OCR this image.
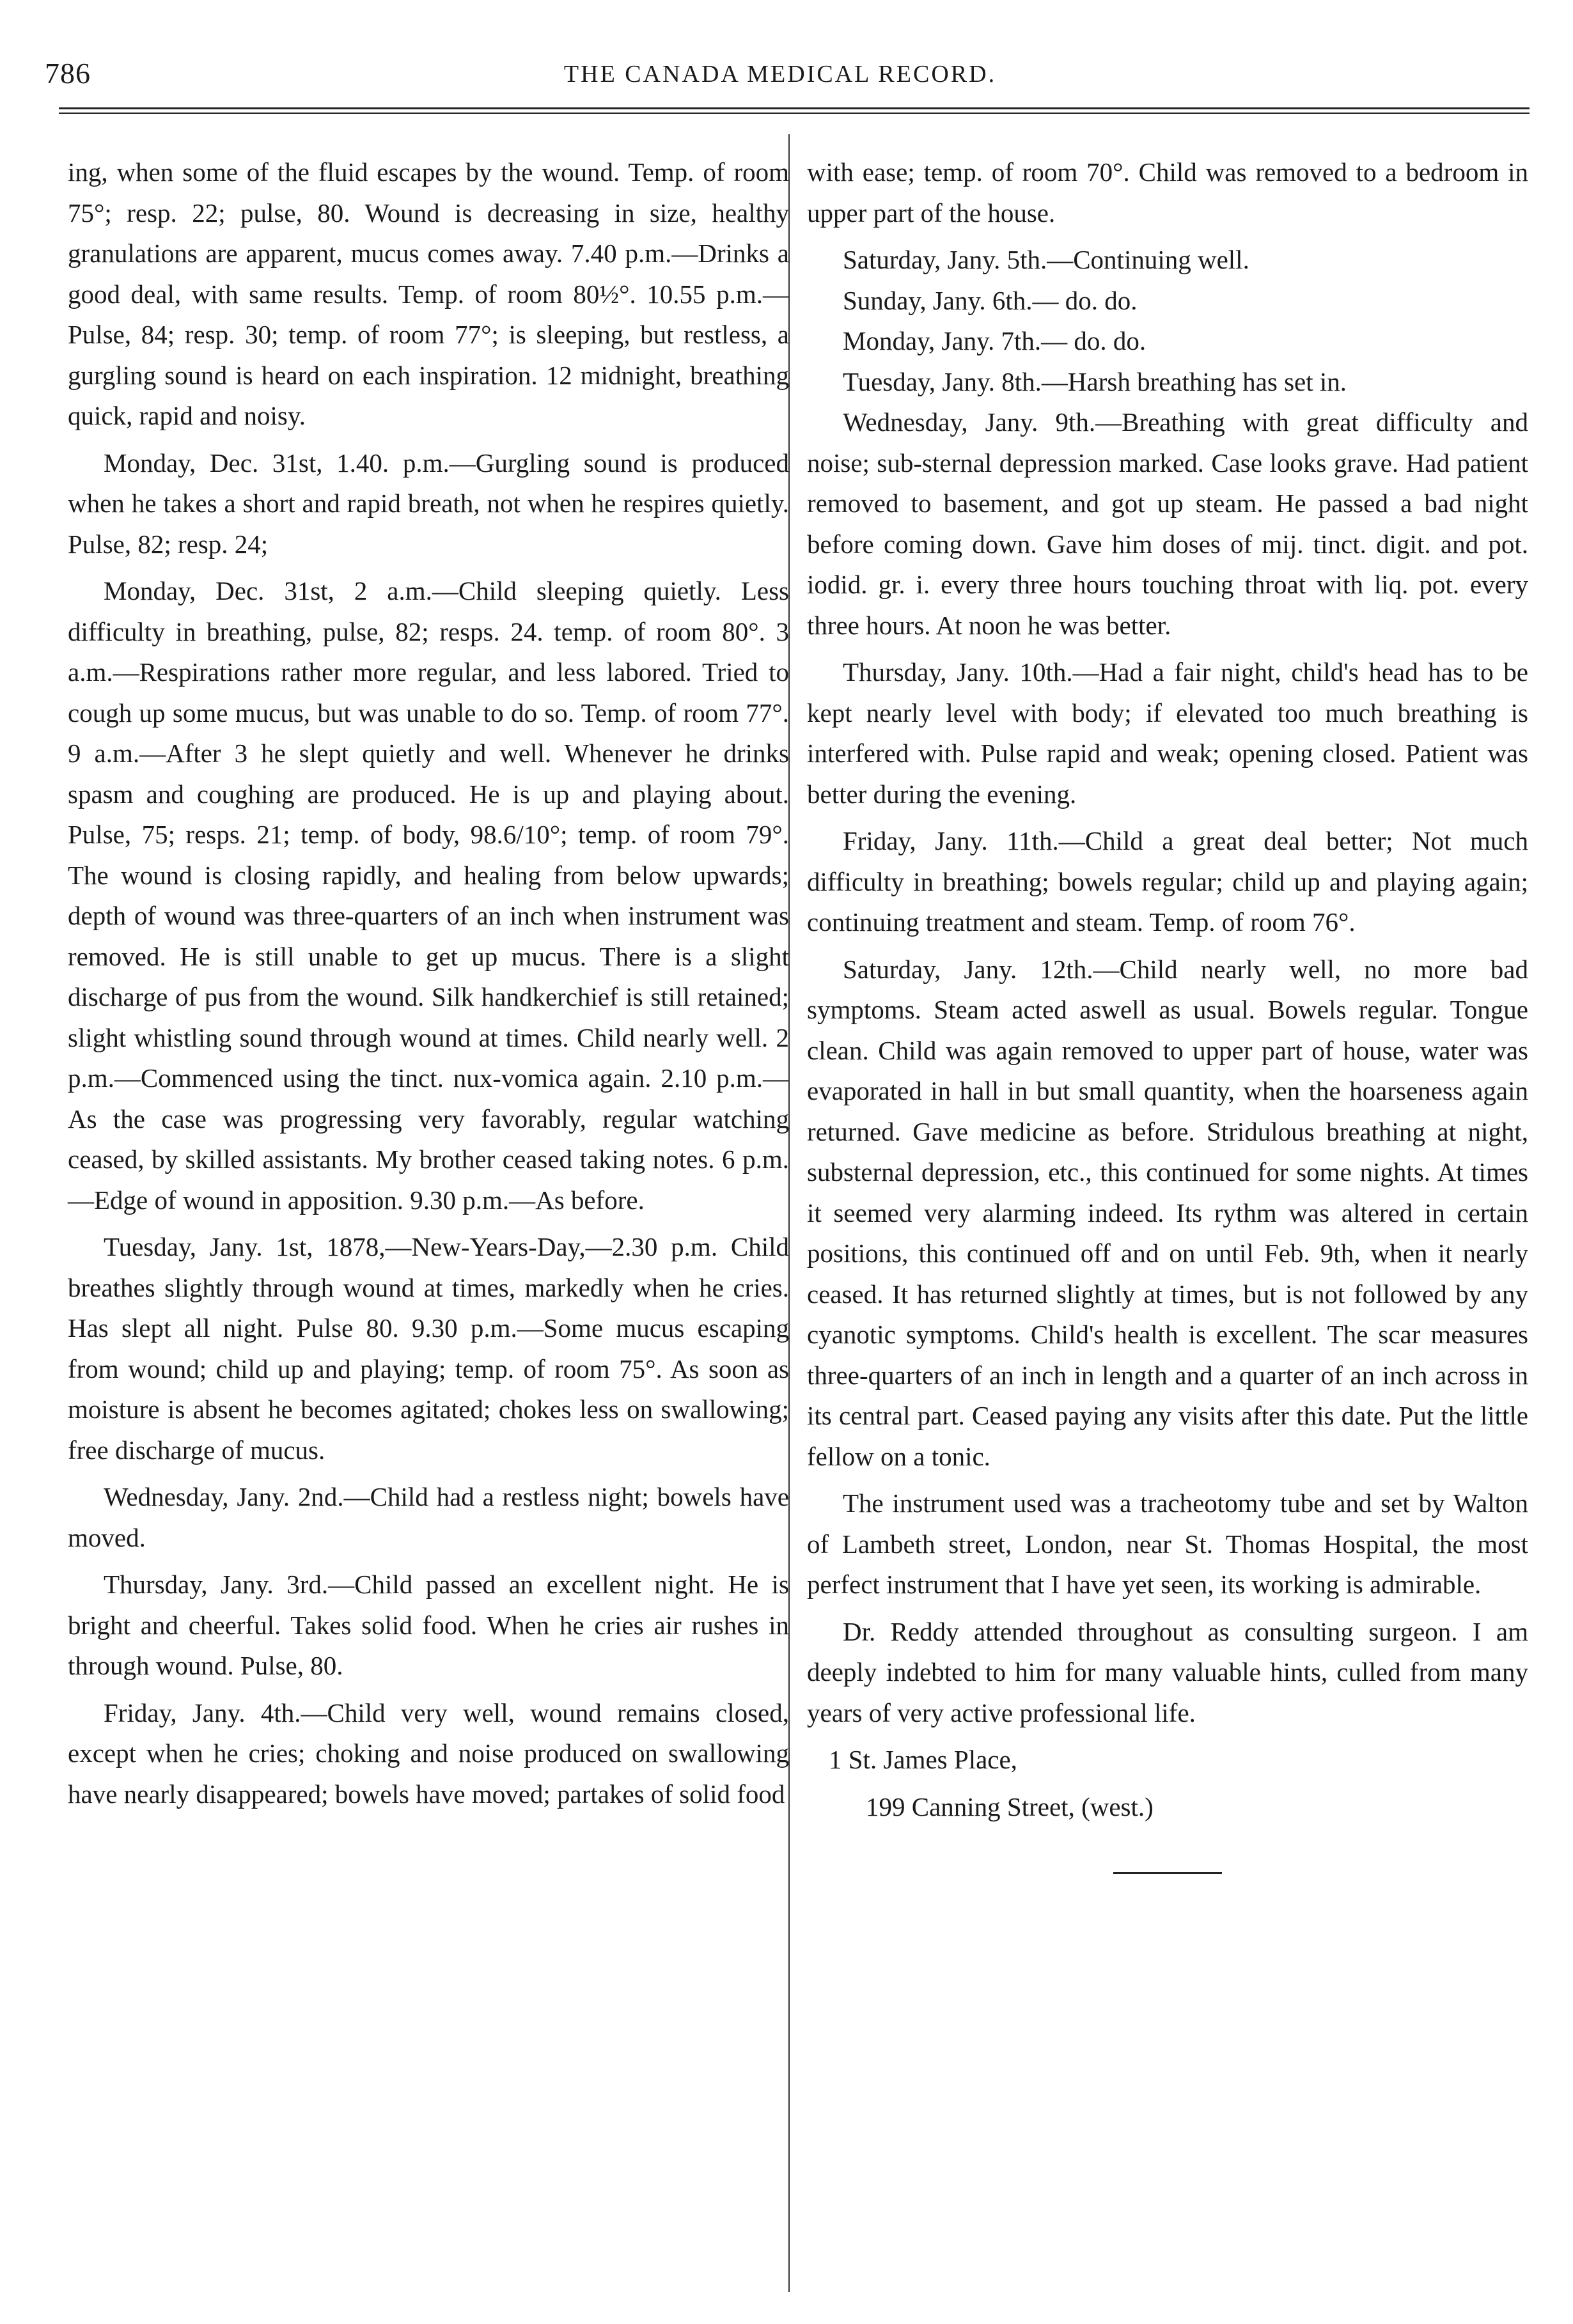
786	THE CANADA MEDICAL RECORD.

ing, when some of the fluid escapes by the wound. Temp. of room 75°; resp. 22; pulse, 80. Wound is decreasing in size, healthy granulations are apparent, mucus comes away. 7.40 p.m.—Drinks a good deal, with same results. Temp. of room 80½°. 10.55 p.m.—Pulse, 84; resp. 30; temp. of room 77°; is sleeping, but restless, a gurgling sound is heard on each inspiration. 12 midnight, breathing quick, rapid and noisy.

Monday, Dec. 31st, 1.40. p.m.—Gurgling sound is produced when he takes a short and rapid breath, not when he respires quietly. Pulse, 82; resp. 24;

Monday, Dec. 31st, 2 a.m.—Child sleeping quietly. Less difficulty in breathing, pulse, 82; resps. 24. temp. of room 80°. 3 a.m.—Respirations rather more regular, and less labored. Tried to cough up some mucus, but was unable to do so. Temp. of room 77°. 9 a.m.—After 3 he slept quietly and well. Whenever he drinks spasm and coughing are produced. He is up and playing about. Pulse, 75; resps. 21; temp. of body, 98.6/10°; temp. of room 79°. The wound is closing rapidly, and healing from below upwards; depth of wound was three-quarters of an inch when instrument was removed. He is still unable to get up mucus. There is a slight discharge of pus from the wound. Silk handkerchief is still retained; slight whistling sound through wound at times. Child nearly well. 2 p.m.—Commenced using the tinct. nux-vomica again. 2.10 p.m.—As the case was progressing very favorably, regular watching ceased, by skilled assistants. My brother ceased taking notes. 6 p.m.—Edge of wound in apposition. 9.30 p.m.—As before.

Tuesday, Jany. 1st, 1878,—New-Years-Day,—2.30 p.m. Child breathes slightly through wound at times, markedly when he cries. Has slept all night. Pulse 80. 9.30 p.m.—Some mucus escaping from wound; child up and playing; temp. of room 75°. As soon as moisture is absent he becomes agitated; chokes less on swallowing; free discharge of mucus.

Wednesday, Jany. 2nd.—Child had a restless night; bowels have moved.

Thursday, Jany. 3rd.—Child passed an excellent night. He is bright and cheerful. Takes solid food. When he cries air rushes in through wound. Pulse, 80.

Friday, Jany. 4th.—Child very well, wound remains closed, except when he cries; choking and noise produced on swallowing have nearly disappeared; bowels have moved; partakes of solid food

with ease; temp. of room 70°. Child was removed to a bedroom in upper part of the house.

Saturday, Jany. 5th.—Continuing well.

Sunday, Jany. 6th.— do. do.

Monday, Jany. 7th.— do. do.

Tuesday, Jany. 8th.—Harsh breathing has set in.

Wednesday, Jany. 9th.—Breathing with great difficulty and noise; sub-sternal depression marked. Case looks grave. Had patient removed to basement, and got up steam. He passed a bad night before coming down. Gave him doses of mij. tinct. digit. and pot. iodid. gr. i. every three hours touching throat with liq. pot. every three hours. At noon he was better.

Thursday, Jany. 10th.—Had a fair night, child's head has to be kept nearly level with body; if elevated too much breathing is interfered with. Pulse rapid and weak; opening closed. Patient was better during the evening.

Friday, Jany. 11th.—Child a great deal better; Not much difficulty in breathing; bowels regular; child up and playing again; continuing treatment and steam. Temp. of room 76°.

Saturday, Jany. 12th.—Child nearly well, no more bad symptoms. Steam acted aswell as usual. Bowels regular. Tongue clean. Child was again removed to upper part of house, water was evaporated in hall in but small quantity, when the hoarseness again returned. Gave medicine as before. Stridulous breathing at night, substernal depression, etc., this continued for some nights. At times it seemed very alarming indeed. Its rythm was altered in certain positions, this continued off and on until Feb. 9th, when it nearly ceased. It has returned slightly at times, but is not followed by any cyanotic symptoms. Child's health is excellent. The scar measures three-quarters of an inch in length and a quarter of an inch across in its central part. Ceased paying any visits after this date. Put the little fellow on a tonic.

The instrument used was a tracheotomy tube and set by Walton of Lambeth street, London, near St. Thomas Hospital, the most perfect instrument that I have yet seen, its working is admirable.

Dr. Reddy attended throughout as consulting surgeon. I am deeply indebted to him for many valuable hints, culled from many years of very active professional life.

1 St. James Place,

199 Canning Street, (west.)
